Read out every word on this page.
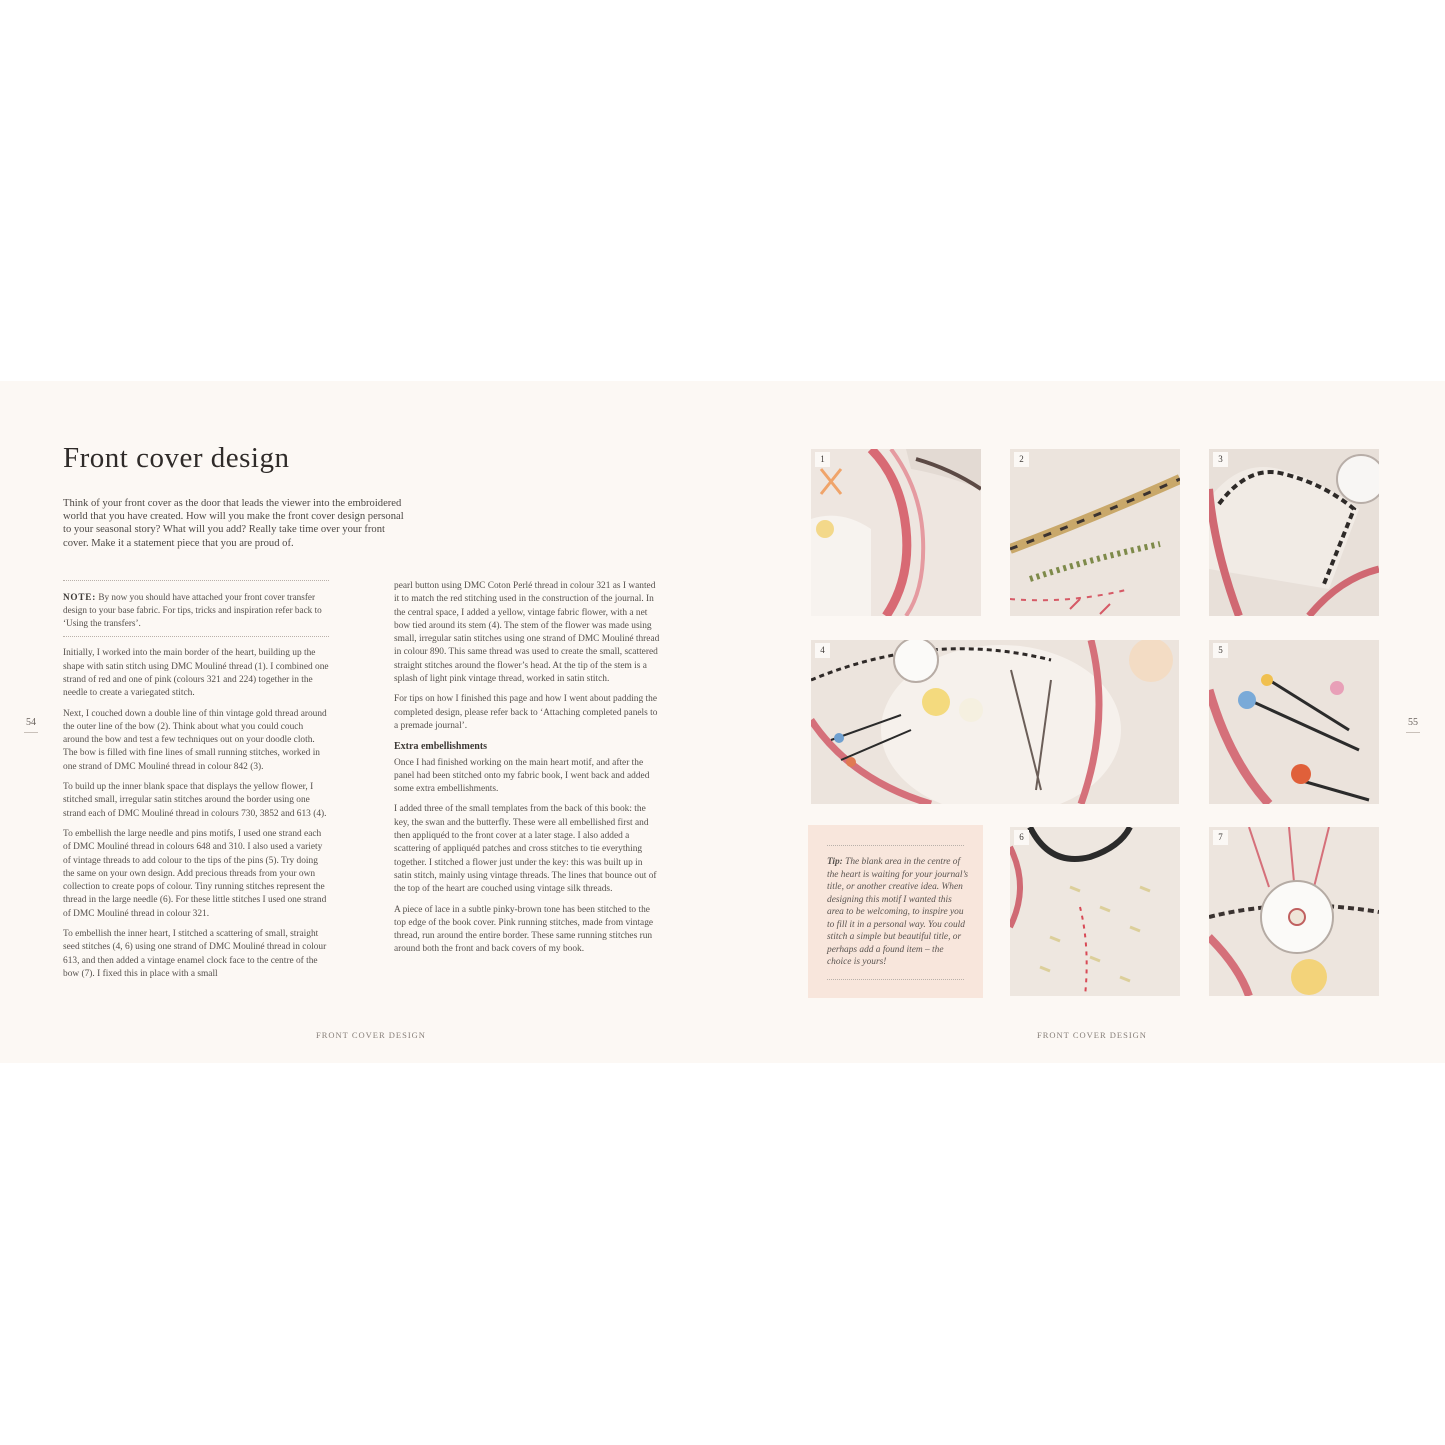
Front cover design
Think of your front cover as the door that leads the viewer into the embroidered world that you have created. How will you make the front cover design personal to your seasonal story? What will you add? Really take time over your front cover. Make it a statement piece that you are proud of.
NOTE: By now you should have attached your front cover transfer design to your base fabric. For tips, tricks and inspiration refer back to ‘Using the transfers’.

Initially, I worked into the main border of the heart, building up the shape with satin stitch using DMC Mouliné thread (1). I combined one strand of red and one of pink (colours 321 and 224) together in the needle to create a variegated stitch.

Next, I couched down a double line of thin vintage gold thread around the outer line of the bow (2). Think about what you could couch around the bow and test a few techniques out on your doodle cloth. The bow is filled with fine lines of small running stitches, worked in one strand of DMC Mouliné thread in colour 842 (3).

To build up the inner blank space that displays the yellow flower, I stitched small, irregular satin stitches around the border using one strand each of DMC Mouliné thread in colours 730, 3852 and 613 (4).

To embellish the large needle and pins motifs, I used one strand each of DMC Mouliné thread in colours 648 and 310. I also used a variety of vintage threads to add colour to the tips of the pins (5). Try doing the same on your own design. Add precious threads from your own collection to create pops of colour. Tiny running stitches represent the thread in the large needle (6). For these little stitches I used one strand of DMC Mouliné thread in colour 321.

To embellish the inner heart, I stitched a scattering of small, straight seed stitches (4, 6) using one strand of DMC Mouliné thread in colour 613, and then added a vintage enamel clock face to the centre of the bow (7). I fixed this in place with a small

pearl button using DMC Coton Perlé thread in colour 321 as I wanted it to match the red stitching used in the construction of the journal. In the central space, I added a yellow, vintage fabric flower, with a net bow tied around its stem (4). The stem of the flower was made using small, irregular satin stitches using one strand of DMC Mouliné thread in colour 890. This same thread was used to create the small, scattered straight stitches around the flower’s head. At the tip of the stem is a splash of light pink vintage thread, worked in satin stitch.

For tips on how I finished this page and how I went about padding the completed design, please refer back to ‘Attaching completed panels to a premade journal’.

Extra embellishments

Once I had finished working on the main heart motif, and after the panel had been stitched onto my fabric book, I went back and added some extra embellishments.

I added three of the small templates from the back of this book: the key, the swan and the butterfly. These were all embellished first and then appliquéd to the front cover at a later stage. I also added a scattering of appliquéd patches and cross stitches to tie everything together. I stitched a flower just under the key: this was built up in satin stitch, mainly using vintage threads. The lines that bounce out of the top of the heart are couched using vintage silk threads.

A piece of lace in a subtle pinky-brown tone has been stitched to the top edge of the book cover. Pink running stitches, made from vintage thread, run around the entire border. These same running stitches run around both the front and back covers of my book.

54	55
FRONT COVER DESIGN	FRONT COVER DESIGN
1	2	3
4	5
Tip: The blank area in the centre of the heart is waiting for your journal’s title, or another creative idea. When designing this motif I wanted this area to be welcoming, to inspire you to fill it in a personal way. You could stitch a simple but beautiful title, or perhaps add a found item – the choice is yours!
6	7
